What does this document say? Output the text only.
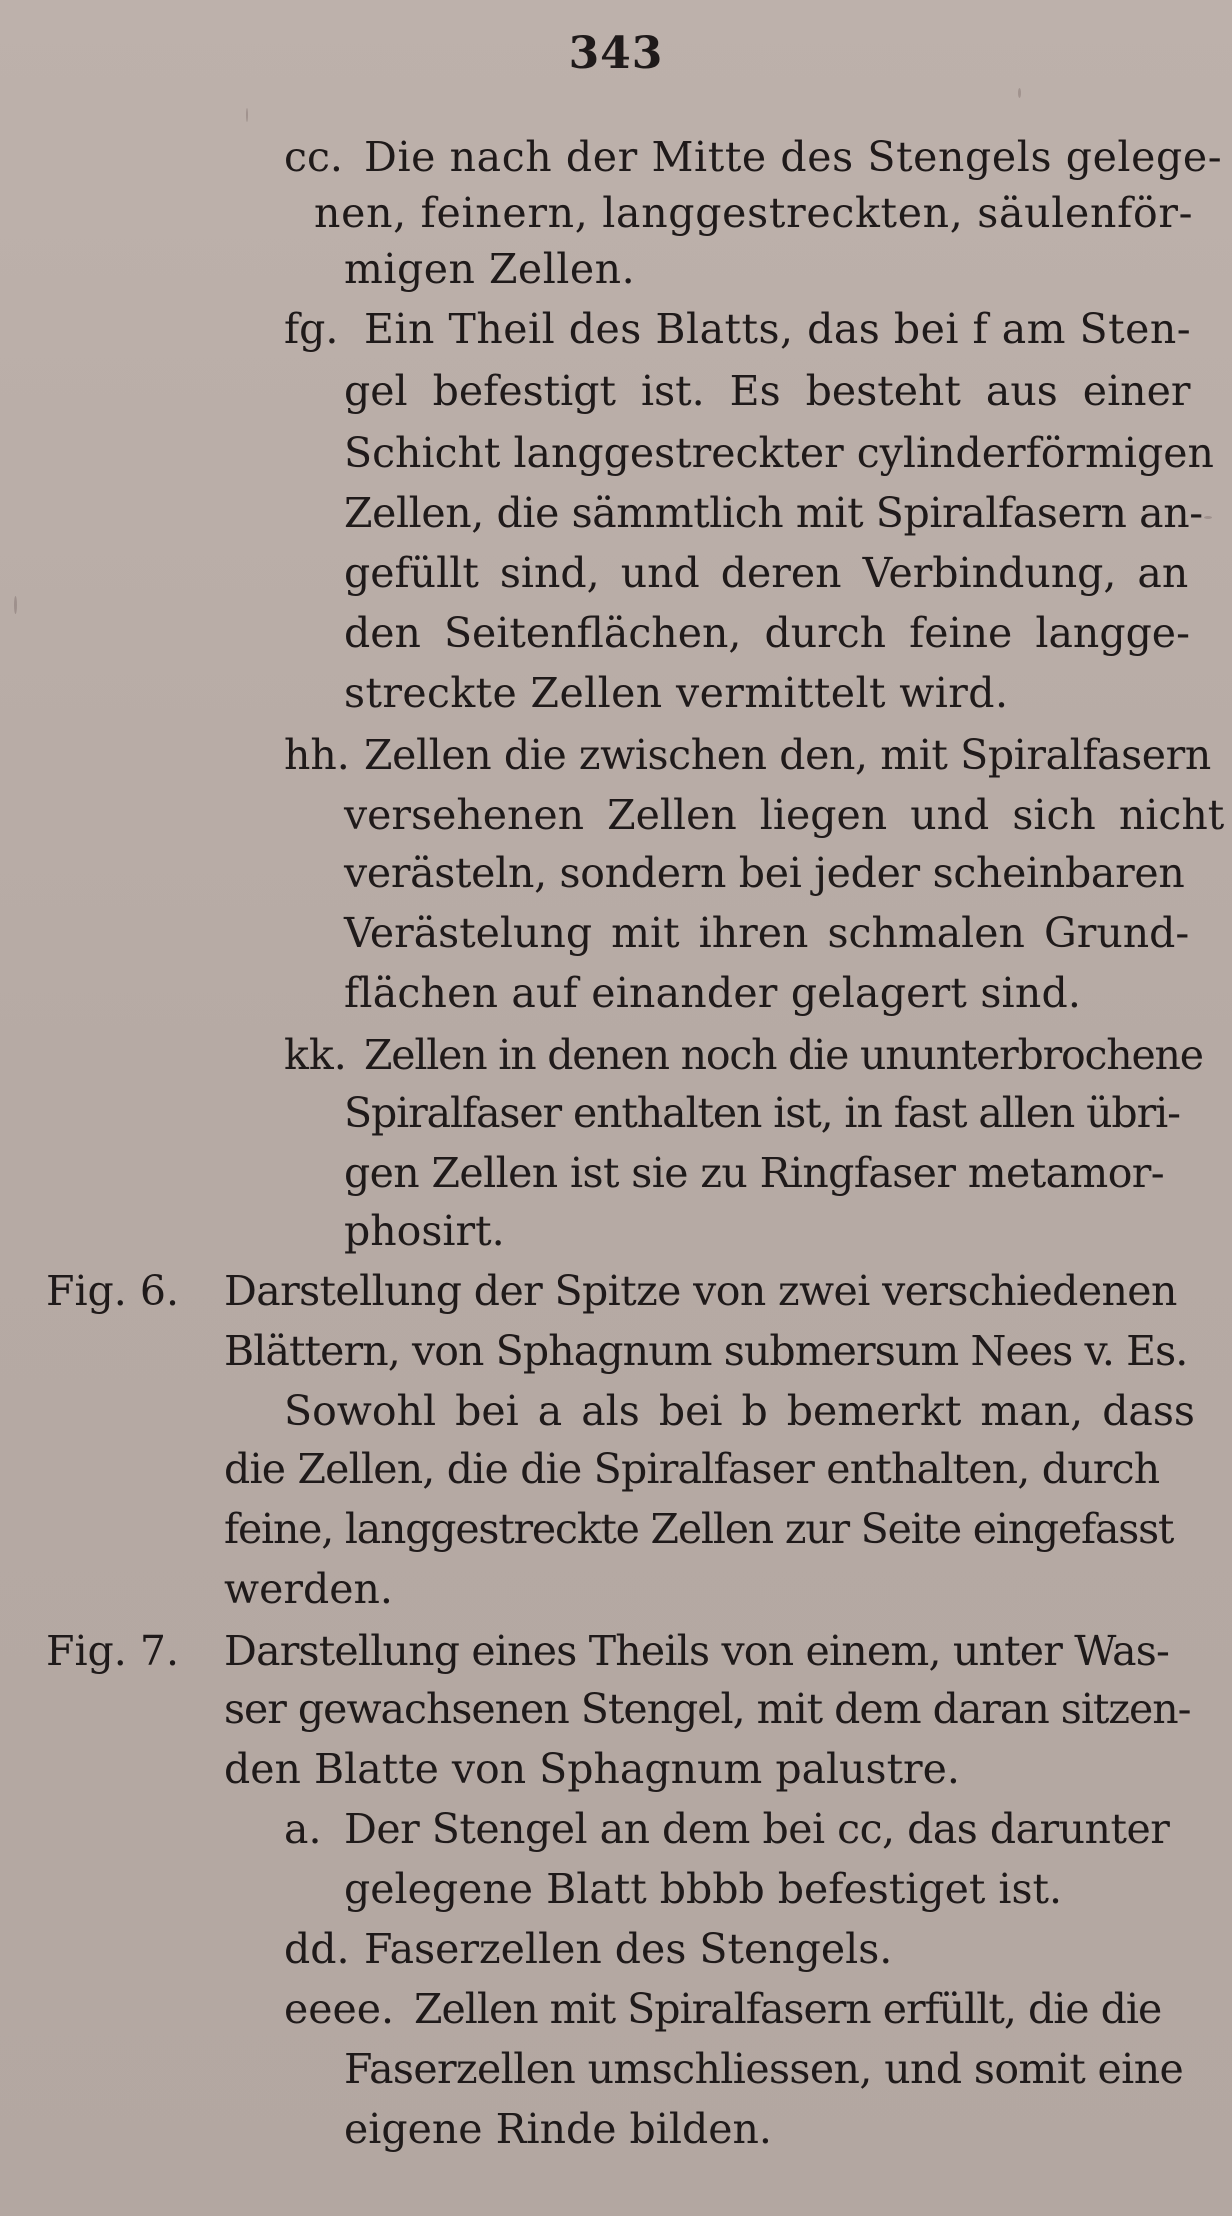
343
cc. Die nach der Mitte des Stengels gelege-
nen, feinern, langgestreckten, säulenför-
migen Zellen.
fg. Ein Theil des Blatts, das bei f am Sten-
gel befestigt ist. Es besteht aus einer
Schicht langgestreckter cylinderförmigen
Zellen, die sämmtlich mit Spiralfasern an-
gefüllt sind, und deren Verbindung, an
den Seitenflächen, durch feine langge-
streckte Zellen vermittelt wird.
hh. Zellen die zwischen den, mit Spiralfasern
versehenen Zellen liegen und sich nicht
verästeln, sondern bei jeder scheinbaren
Verästelung mit ihren schmalen Grund-
flächen auf einander gelagert sind.
kk. Zellen in denen noch die ununterbrochene
Spiralfaser enthalten ist, in fast allen übri-
gen Zellen ist sie zu Ringfaser metamor-
phosirt.
Fig. 6. Darstellung der Spitze von zwei verschiedenen
Blättern, von Sphagnum submersum Nees v. Es.
Sowohl bei a als bei b bemerkt man, dass
die Zellen, die die Spiralfaser enthalten, durch
feine, langgestreckte Zellen zur Seite eingefasst
werden.
Fig. 7. Darstellung eines Theils von einem, unter Was-
ser gewachsenen Stengel, mit dem daran sitzen-
den Blatte von Sphagnum palustre.
a. Der Stengel an dem bei cc, das darunter
gelegene Blatt bbbb befestiget ist.
dd. Faserzellen des Stengels.
eeee. Zellen mit Spiralfasern erfüllt, die die
Faserzellen umschliessen, und somit eine
eigene Rinde bilden.
